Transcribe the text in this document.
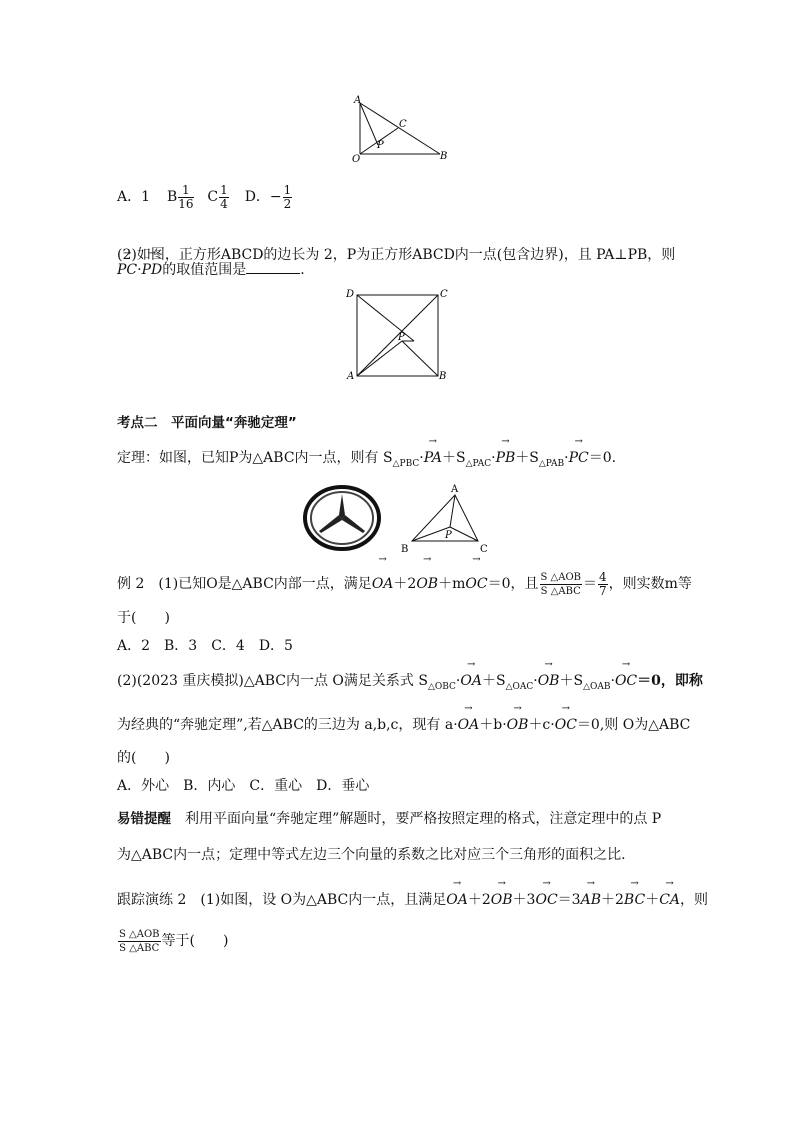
A
C
P
O	B
A．1 B $\frac{1}{16}$ C $\frac{1}{4}$ D．− $\frac{1}{2}$
(2)如图，正方形ABCD的边长为 2，P为正方形ABCD内一点(包含边界)，且 PA⊥PB，则
→ PC·→ PD的取值范围是	.
D	C
P
A	B
考点二　平面向量“奔驰定理”
定理：如图，已知P为△ABC内一点，则有 $S_{\triangle PBC}\cdot\to PA+S_{\triangle PAC}\cdot\to PB+S_{\triangle PAB}\cdot\to PC=0$.
A
B	C
P
例 2　(1)已知O是△ABC内部一点，满足→ OA＋2→ OB＋m→ OC＝0，且 $\frac{\text{S △AOB}}{\text{S △ABC}} = \frac{4}{7}$ ，则实数m等
于(　　)
A．2　B．3　C．4　D．5
(2)(2023 重庆模拟)△ABC内一点 O满足关系式 $S_{\triangle OBC}\cdot\to OA+S_{\triangle OAC}\cdot\to OB+S_{\triangle OAB}\cdot\to OC=0$，即称
为经典的“奔驰定理”,若△ABC的三边为 a,b,c，现有 a·→ OA＋b·→ OB＋c·→ OC＝0,则 O为△ABC
的(　　)
A．外心　B．内心　C．重心　D．垂心
易错提醒　利用平面向量“奔驰定理”解题时，要严格按照定理的格式，注意定理中的点 P
为△ABC内一点；定理中等式左边三个向量的系数之比对应三个三角形的面积之比.
跟踪演练 2　(1)如图，设 O为△ABC内一点，且满足→ OA＋2→ OB＋3→ OC＝3→ AB＋2→ BC＋→ CA，则
$\frac{\text{S △AOB}}{\text{S △ABC}}$ 等于(　　)
